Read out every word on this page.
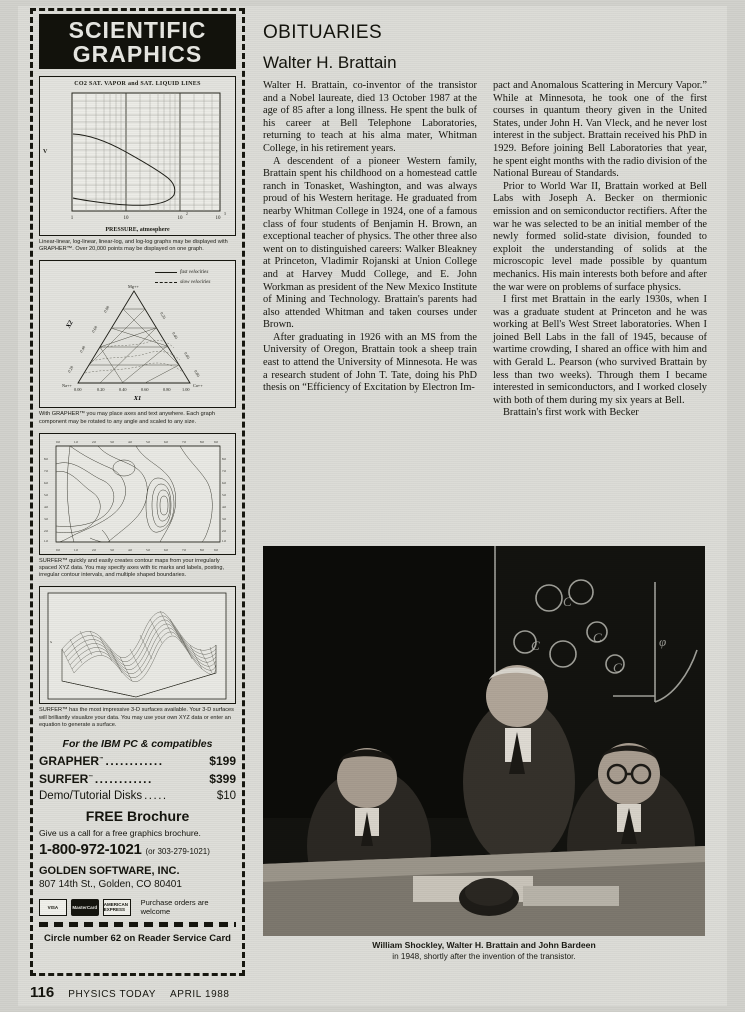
SCIENTIFIC
GRAPHICS
CO2 SAT. VAPOR and SAT. LIQUID LINES
V
1	10	10
2
10
3
PRESSURE, atmosphere
Linear-linear, log-linear, linear-log, and log-log graphs may be displayed with GRAPHER™. Over 20,000 points may be displayed on one graph.
Mg++
Na++	Ca++
0.00	0.20	0.40	0.60	0.80	1.00
0.20
0.40
0.60
0.80
0.20
0.40
0.60
0.80
fast velocities
slow velocities
X1
X2
With GRAPHER™ you may place axes and text anywhere. Each graph component may be rotated to any angle and scaled to any size.
0.0	1.0	2.0	3.0	4.0	5.0	6.0	7.0	8.0	9.0
0.0	1.0	2.0	3.0	4.0	5.0	6.0	7.0	8.0	9.0
8.0
7.0
6.0
5.0
4.0
3.0
2.0
1.0
8.0
7.0
6.0
5.0
4.0
3.0
2.0
1.0
SURFER™ quickly and easily creates contour maps from your irregularly spaced XYZ data. You may specify axes with tic marks and labels, posting, irregular contour intervals, and multiple shaped boundaries.
Z
SURFER™ has the most impressive 3-D surfaces available. Your 3-D surfaces will brilliantly visualize your data. You may use your own XYZ data or enter an equation to generate a surface.
For the IBM PC & compatibles
GRAPHER™ ............	$199
SURFER™ ............	$399
Demo/Tutorial Disks .....	$10
FREE Brochure
Give us a call for a free graphics brochure.
1-800-972-1021 (or 303-279-1021)
GOLDEN SOFTWARE, INC.
807 14th St., Golden, CO 80401
VISA	MasterCard	AMERICAN EXPRESS
Purchase orders are welcome
Circle number 62 on Reader Service Card
OBITUARIES
Walter H. Brattain

Walter H. Brattain, co-inventor of the transistor and a Nobel laureate, died 13 October 1987 at the age of 85 after a long illness. He spent the bulk of his career at Bell Telephone Laboratories, returning to teach at his alma mater, Whitman College, in his retirement years.

A descendent of a pioneer Western family, Brattain spent his childhood on a homestead cattle ranch in Tonasket, Washington, and was always proud of his Western heritage. He graduated from nearby Whitman College in 1924, one of a famous class of four students of Benjamin H. Brown, an exceptional teacher of physics. The other three also went on to distinguished careers: Walker Bleakney at Princeton, Vladimir Rojanski at Union College and at Harvey Mudd College, and E. John Workman as president of the New Mexico Institute of Mining and Technology. Brattain's parents had also attended Whitman and taken courses under Brown.

After graduating in 1926 with an MS from the University of Oregon, Brattain took a sheep train east to attend the University of Minnesota. He was a research student of John T. Tate, doing his PhD thesis on “Efficiency of Excitation by Electron Im-

pact and Anomalous Scattering in Mercury Vapor.” While at Minnesota, he took one of the first courses in quantum theory given in the United States, under John H. Van Vleck, and he never lost interest in the subject. Brattain received his PhD in 1929. Before joining Bell Laboratories that year, he spent eight months with the radio division of the National Bureau of Standards.

Prior to World War II, Brattain worked at Bell Labs with Joseph A. Becker on thermionic emission and on semiconductor rectifiers. After the war he was selected to be an initial member of the newly formed solid-state division, founded to exploit the understanding of solids at the microscopic level made possible by quantum mechanics. His main interests both before and after the war were on problems of surface physics.

I first met Brattain in the early 1930s, when I was a graduate student at Princeton and he was working at Bell's West Street laboratories. When I joined Bell Labs in the fall of 1945, because of wartime crowding, I shared an office with him and with Gerald L. Pearson (who survived Brattain by less than two weeks). Through them I became interested in semiconductors, and I worked closely with both of them during my six years at Bell.

Brattain's first work with Becker

C
C
C
C
φ
William Shockley, Walter H. Brattain and John Bardeen
in 1948, shortly after the invention of the transistor.
116 PHYSICS TODAY APRIL 1988
